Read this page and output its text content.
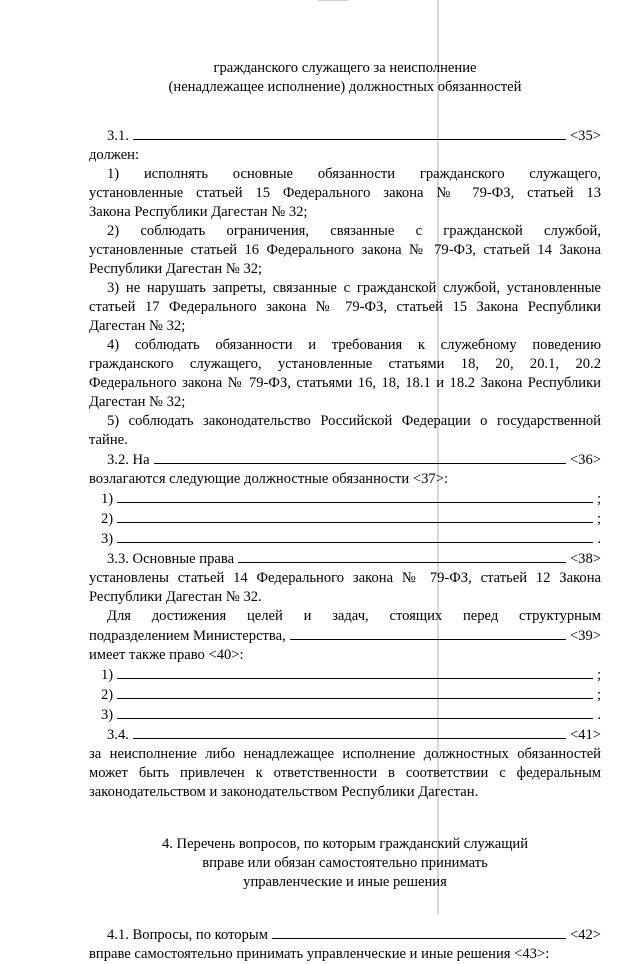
гражданского служащего за неисполнение
(ненадлежащее исполнение) должностных обязанностей
3.1.	<35>
должен:
1) исполнять основные обязанности гражданского служащего,
установленные статьей 15 Федерального закона № 79-ФЗ, статьей 13
Закона Республики Дагестан № 32;
2) соблюдать ограничения, связанные с гражданской службой,
установленные статьей 16 Федерального закона № 79-ФЗ, статьей 14 Закона
Республики Дагестан № 32;
3) не нарушать запреты, связанные с гражданской службой, установленные
статьей 17 Федерального закона № 79-ФЗ, статьей 15 Закона Республики
Дагестан № 32;
4) соблюдать обязанности и требования к служебному поведению
гражданского служащего, установленные статьями 18, 20, 20.1, 20.2
Федерального закона № 79-ФЗ, статьями 16, 18, 18.1 и 18.2 Закона Республики
Дагестан № 32;
5) соблюдать законодательство Российской Федерации о государственной
тайне.
3.2. На	<36>
возлагаются следующие должностные обязанности <37>:
1)	;
2)	;
3)	.
3.3. Основные права	<38>
установлены статьей 14 Федерального закона № 79-ФЗ, статьей 12 Закона
Республики Дагестан № 32.
Для достижения целей и задач, стоящих перед структурным
подразделением Министерства,	<39>
имеет также право <40>:
1)	;
2)	;
3)	.
3.4.	<41>
за неисполнение либо ненадлежащее исполнение должностных обязанностей
может быть привлечен к ответственности в соответствии с федеральным
законодательством и законодательством Республики Дагестан.
4. Перечень вопросов, по которым гражданский служащий
вправе или обязан самостоятельно принимать
управленческие и иные решения
4.1. Вопросы, по которым	<42>
вправе самостоятельно принимать управленческие и иные решения <43>:
